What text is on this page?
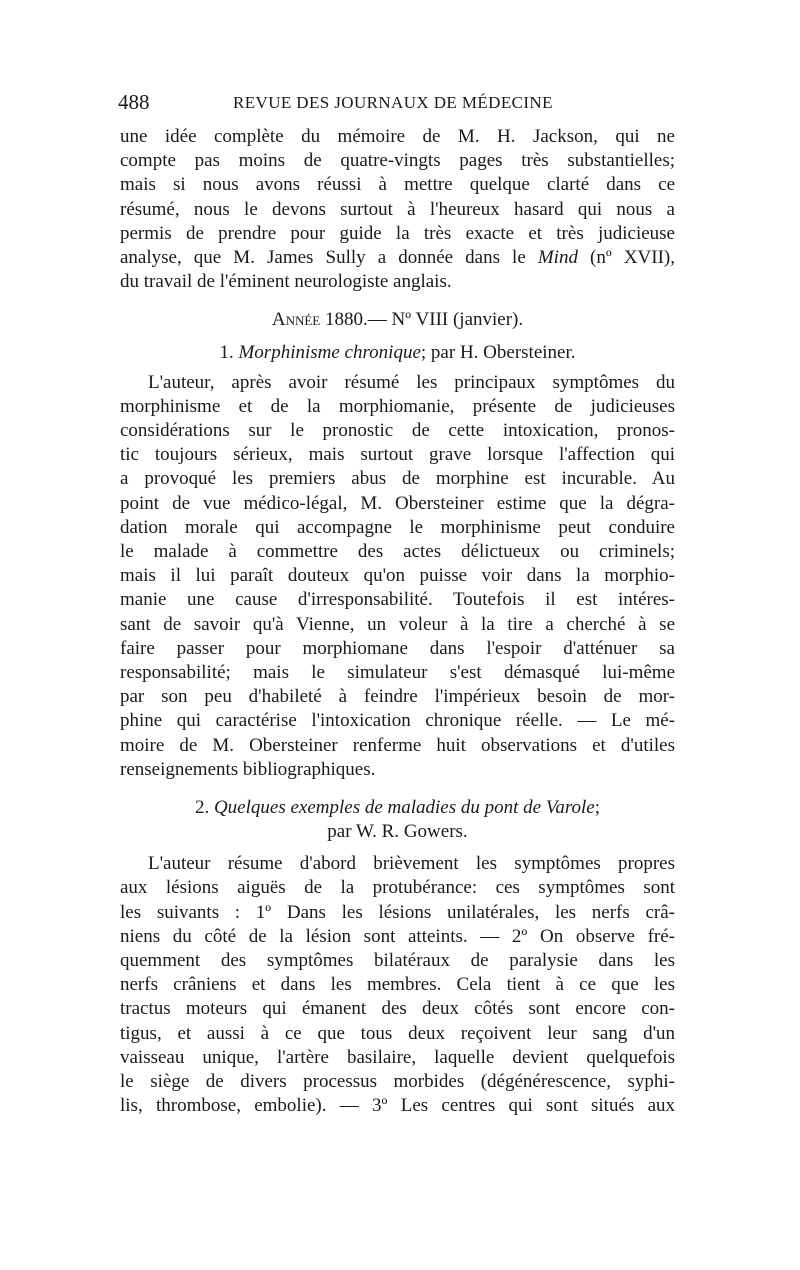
488	REVUE DES JOURNAUX DE MÉDECINE
une idée complète du mémoire de M. H. Jackson, qui ne
compte pas moins de quatre-vingts pages très substantielles;
mais si nous avons réussi à mettre quelque clarté dans ce
résumé, nous le devons surtout à l'heureux hasard qui nous a
permis de prendre pour guide la très exacte et très judicieuse
analyse, que M. James Sully a donnée dans le Mind (nº XVII),
du travail de l'éminent neurologiste anglais.
Année 1880.— Nº VIII (janvier).
1. Morphinisme chronique; par H. Obersteiner.
L'auteur, après avoir résumé les principaux symptômes du
morphinisme et de la morphiomanie, présente de judicieuses
considérations sur le pronostic de cette intoxication, pronos-
tic toujours sérieux, mais surtout grave lorsque l'affection qui
a provoqué les premiers abus de morphine est incurable. Au
point de vue médico-légal, M. Obersteiner estime que la dégra-
dation morale qui accompagne le morphinisme peut conduire
le malade à commettre des actes délictueux ou criminels;
mais il lui paraît douteux qu'on puisse voir dans la morphio-
manie une cause d'irresponsabilité. Toutefois il est intéres-
sant de savoir qu'à Vienne, un voleur à la tire a cherché à se
faire passer pour morphiomane dans l'espoir d'atténuer sa
responsabilité; mais le simulateur s'est démasqué lui-même
par son peu d'habileté à feindre l'impérieux besoin de mor-
phine qui caractérise l'intoxication chronique réelle. — Le mé-
moire de M. Obersteiner renferme huit observations et d'utiles
renseignements bibliographiques.
2. Quelques exemples de maladies du pont de Varole;
par W. R. Gowers.
L'auteur résume d'abord brièvement les symptômes propres
aux lésions aiguës de la protubérance: ces symptômes sont
les suivants : 1º Dans les lésions unilatérales, les nerfs crâ-
niens du côté de la lésion sont atteints. — 2º On observe fré-
quemment des symptômes bilatéraux de paralysie dans les
nerfs crâniens et dans les membres. Cela tient à ce que les
tractus moteurs qui émanent des deux côtés sont encore con-
tigus, et aussi à ce que tous deux reçoivent leur sang d'un
vaisseau unique, l'artère basilaire, laquelle devient quelquefois
le siège de divers processus morbides (dégénérescence, syphi-
lis, thrombose, embolie). — 3º Les centres qui sont situés aux
